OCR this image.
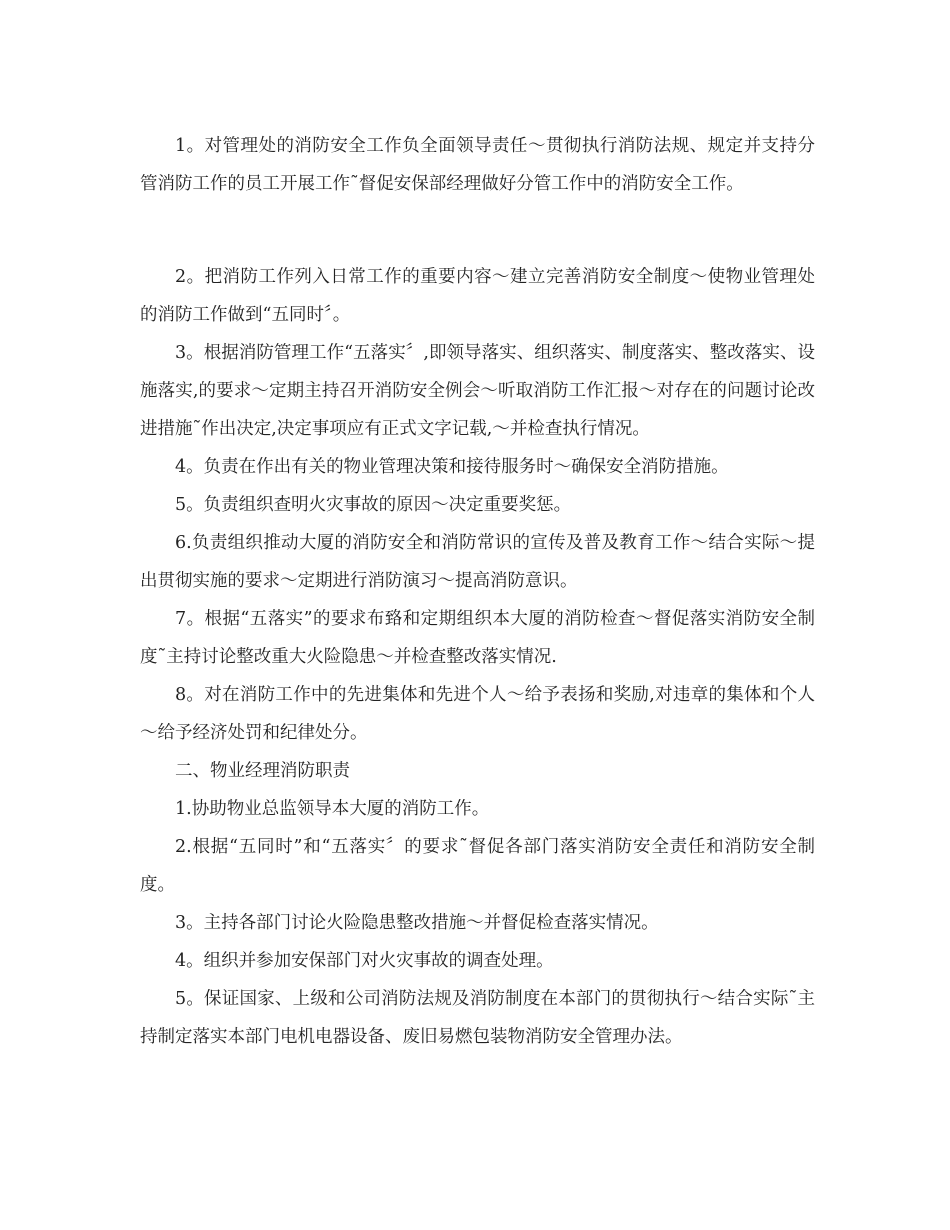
1。对管理处的消防安全工作负全面领导责任～贯彻执行消防法规、规定并支持分管消防工作的员工开展工作˜督促安保部经理做好分管工作中的消防安全工作。

2。把消防工作列入日常工作的重要内容～建立完善消防安全制度～使物业管理处的消防工作做到“五同时〞。

3。根据消防管理工作“五落实〞,即领导落实、组织落实、制度落实、整改落实、设施落实,的要求～定期主持召开消防安全例会～听取消防工作汇报～对存在的问题讨论改进措施˜作出决定,决定事项应有正式文字记载,～并检查执行情况。

4。负责在作出有关的物业管理决策和接待服务时～确保安全消防措施。

5。负责组织查明火灾事故的原因～决定重要奖惩。

6.负责组织推动大厦的消防安全和消防常识的宣传及普及教育工作～结合实际～提出贯彻实施的要求～定期进行消防演习～提高消防意识。

7。根据“五落实”的要求布臵和定期组织本大厦的消防检查～督促落实消防安全制度˜主持讨论整改重大火险隐患～并检查整改落实情况.

8。对在消防工作中的先进集体和先进个人～给予表扬和奖励,对违章的集体和个人～给予经济处罚和纪律处分。

二、物业经理消防职责

1.协助物业总监领导本大厦的消防工作。

2.根据“五同时”和“五落实〞的要求˜督促各部门落实消防安全责任和消防安全制度。

3。主持各部门讨论火险隐患整改措施～并督促检查落实情况。

4。组织并参加安保部门对火灾事故的调查处理。

5。保证国家、上级和公司消防法规及消防制度在本部门的贯彻执行～结合实际˜主持制定落实本部门电机电器设备、废旧易燃包装物消防安全管理办法。
